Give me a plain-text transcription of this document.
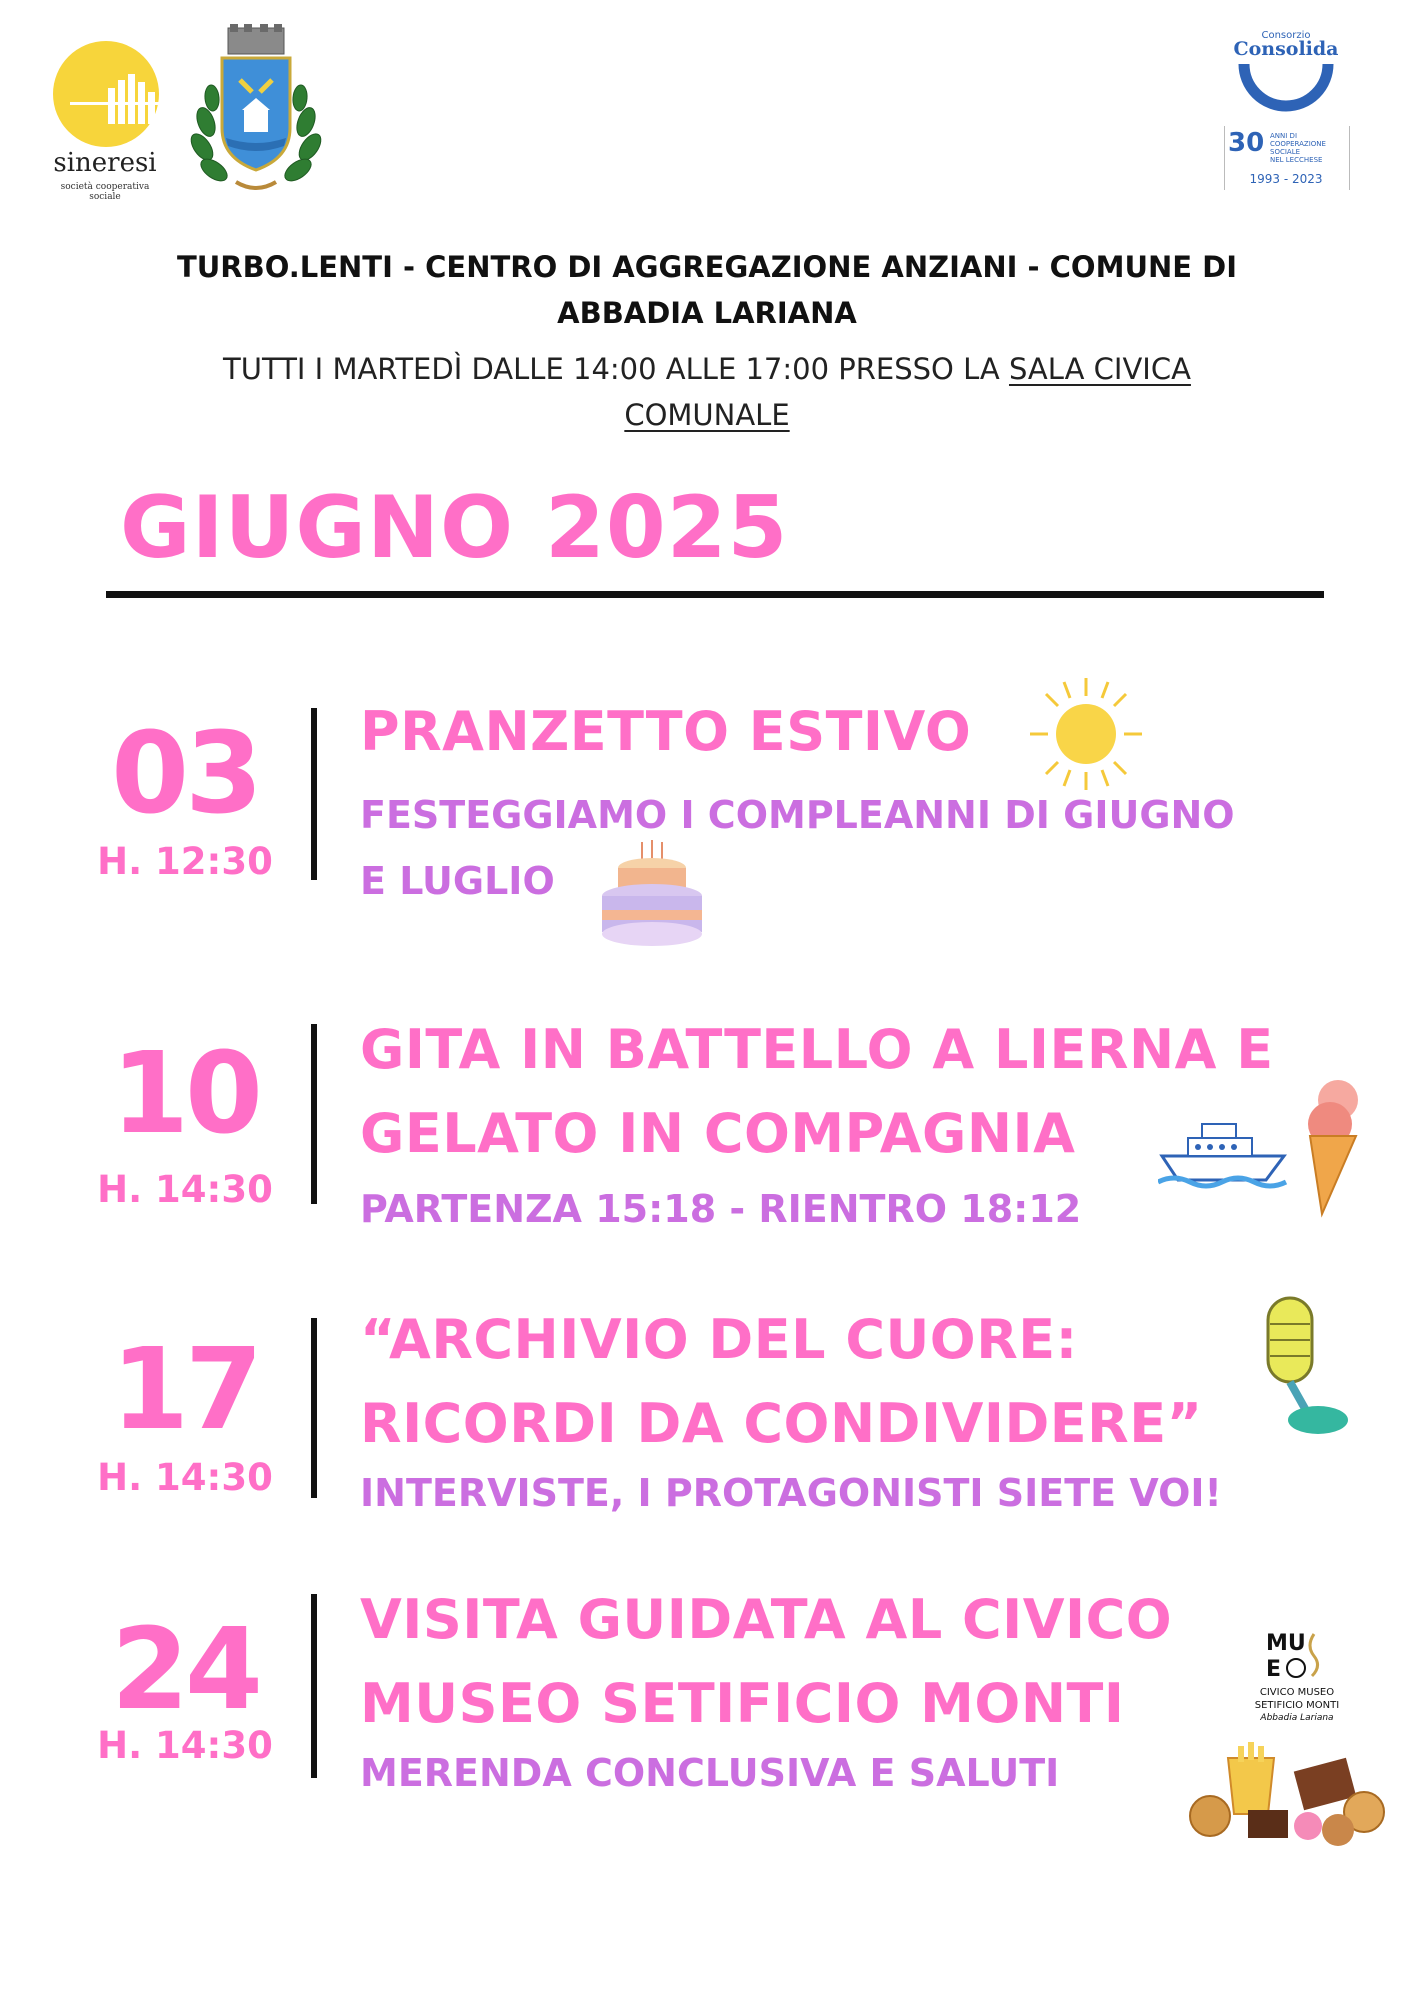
sineresi
società cooperativa sociale
Consorzio
Consolida
30 ANNI DI
COOPERAZIONE
SOCIALE
NEL LECCHESE
1993 - 2023
TURBO.LENTI - CENTRO DI AGGREGAZIONE ANZIANI - COMUNE DI
ABBADIA LARIANA
TUTTI I MARTEDÌ DALLE 14:00 ALLE 17:00 PRESSO LA SALA CIVICA
COMUNALE
GIUGNO 2025
03
H. 12:30
PRANZETTO ESTIVO
FESTEGGIAMO I COMPLEANNI DI GIUGNO
E LUGLIO
10
H. 14:30
GITA IN BATTELLO A LIERNA E
GELATO IN COMPAGNIA
PARTENZA 15:18 - RIENTRO 18:12
17
H. 14:30
“ARCHIVIO DEL CUORE:
RICORDI DA CONDIVIDERE”
INTERVISTE, I PROTAGONISTI SIETE VOI!
24
H. 14:30
VISITA GUIDATA AL CIVICO
MUSEO SETIFICIO MONTI
MERENDA CONCLUSIVA E SALUTI
MU
E
CIVICO MUSEO
SETIFICIO MONTI
Abbadia Lariana
